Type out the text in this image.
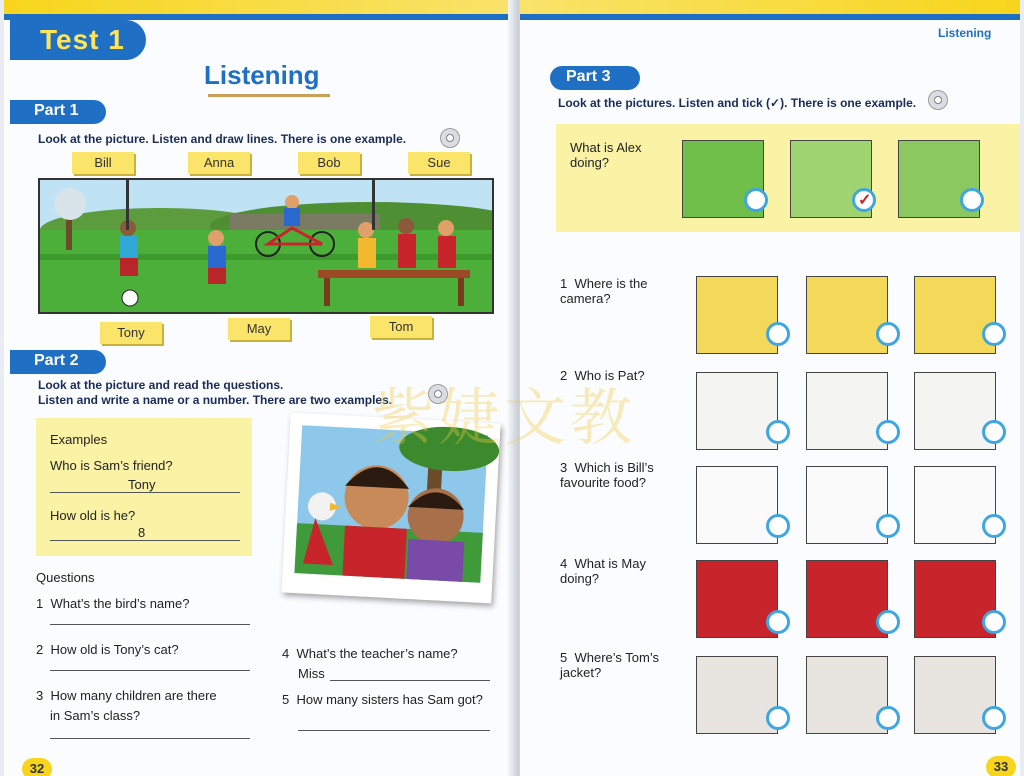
Test 1
Listening
Part 1
Look at the picture. Listen and draw lines. There is one example.
Bill	Anna	Bob	Sue
Tony	May	Tom
Part 2
Look at the picture and read the questions.
Listen and write a name or a number. There are two examples.
Examples
Who is Sam’s friend?
Tony
How old is he?
8
Questions
1 What’s the bird’s name?
2 How old is Tony’s cat?
3 How many children are there
in Sam’s class?
4 What’s the teacher’s name?
Miss
5 How many sisters has Sam got?
32
Listening
Part 3
Look at the pictures. Listen and tick (✓). There is one example.
What is Alex doing?
✓
1 Where is the camera?
2 Who is Pat?
3 Which is Bill’s favourite food?
4 What is May doing?
5 Where’s Tom’s jacket?
33
紫婕文教
